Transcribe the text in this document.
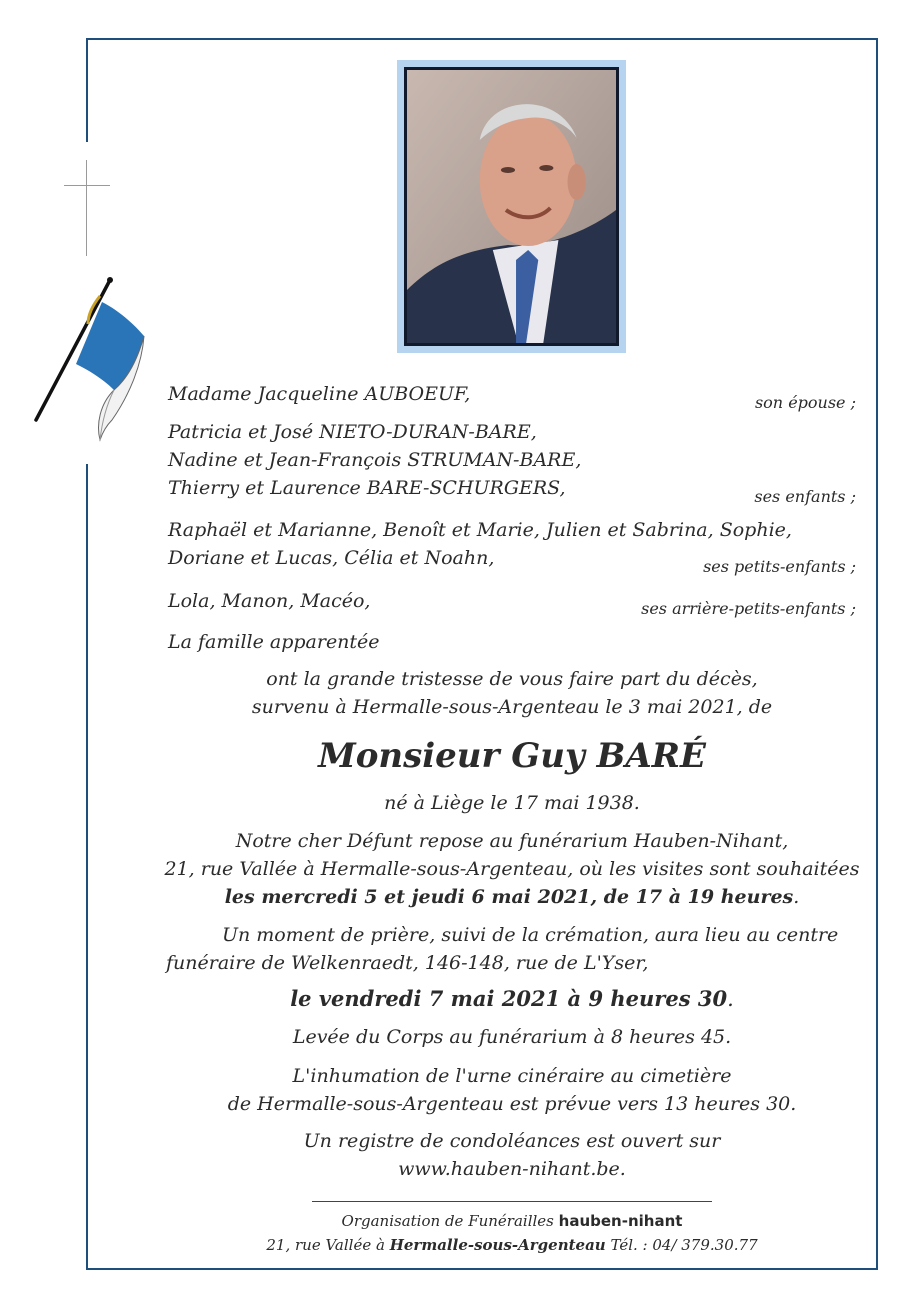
Madame Jacqueline AUBOEUF,	son épouse ;
Patricia et José NIETO-DURAN-BARE,
Nadine et Jean-François STRUMAN-BARE,
Thierry et Laurence BARE-SCHURGERS,	ses enfants ;
Raphaël et Marianne, Benoît et Marie, Julien et Sabrina, Sophie,
Doriane et Lucas, Célia et Noahn,	ses petits-enfants ;
Lola, Manon, Macéo,	ses arrière-petits-enfants ;
La famille apparentée
ont la grande tristesse de vous faire part du décès,
survenu à Hermalle-sous-Argenteau le 3 mai 2021, de
Monsieur Guy BARÉ
né à Liège le 17 mai 1938.
Notre cher Défunt repose au funérarium Hauben-Nihant,
21, rue Vallée à Hermalle-sous-Argenteau, où les visites sont souhaitées
les mercredi 5 et jeudi 6 mai 2021, de 17 à 19 heures.
Un moment de prière, suivi de la crémation, aura lieu au centre
funéraire de Welkenraedt, 146-148, rue de L'Yser,
le vendredi 7 mai 2021 à 9 heures 30.
Levée du Corps au funérarium à 8 heures 45.
L'inhumation de l'urne cinéraire au cimetière
de Hermalle-sous-Argenteau est prévue vers 13 heures 30.
Un registre de condoléances est ouvert sur
www.hauben-nihant.be.
Organisation de Funérailles hauben-nihant
21, rue Vallée à Hermalle-sous-Argenteau Tél. : 04/ 379.30.77
